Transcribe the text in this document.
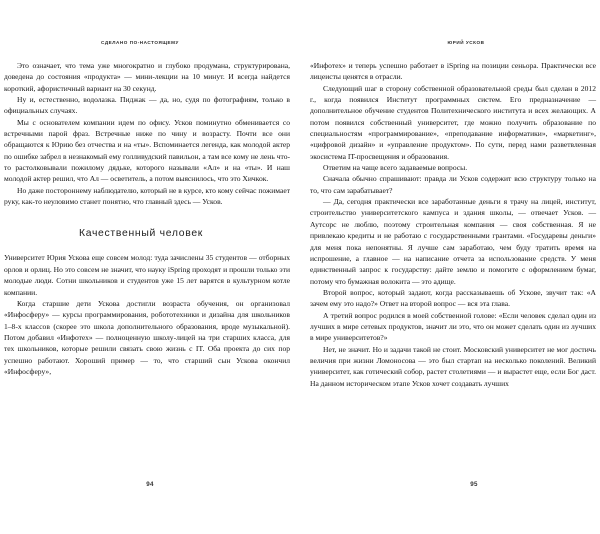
СДЕЛАНО ПО-НАСТОЯЩЕМУ

Это означает, что тема уже многократно и глубоко продумана, структурирована, доведена до состояния «продукта» — мини-лекции на 10 минут. И всегда найдется короткий, афористичный вариант на 30 секунд.

Ну и, естественно, водолазка. Пиджак — да, но, судя по фотографиям, только в официальных случаях.

Мы с основателем компании идем по офису. Усков поминутно обменивается со встречными парой фраз. Встречные ниже по чину и возрасту. Почти все они обращаются к Юрию без отчества и на «ты». Вспоминается легенда, как молодой актер по ошибке забрел в незнакомый ему голливудский павильон, а там все кому не лень что-то растолковывали пожилому дядьке, которого называли «Ал» и на «ты». И наш молодой актер решил, что Ал — осветитель, а потом выяснилось, что это Хичкок.

Но даже постороннему наблюдателю, который не в курсе, кто кому сейчас пожимает руку, как-то неуловимо станет понятно, что главный здесь — Усков.

Качественный человек

Университет Юрия Ускова еще совсем молод: туда зачислены 35 студентов — отборных орлов и орлиц. Но это совсем не значит, что науку iSpring проходят и прошли только эти молодые люди. Сотни школьников и студентов уже 15 лет варятся в культурном котле компании.

Когда старшие дети Ускова достигли возраста обучения, он организовал «Инфосферу» — курсы программирования, робототехники и дизайна для школьников 1–8-х классов (скорее это школа дополнительного образования, вроде музыкальной). Потом добавил «Инфотех» — полноценную школу-лицей на три старших класса, для тех школьников, которые решили связать свою жизнь с IT. Оба проекта до сих пор успешно работают. Хороший пример — то, что старший сын Ускова окончил «Инфосферу»,

94
ЮРИЙ УСКОВ

«Инфотех» и теперь успешно работает в iSpring на позиции сеньора. Практически все лицеисты ценятся в отрасли.

Следующий шаг в сторону собственной образовательной среды был сделан в 2012 г., когда появился Институт программных систем. Его предназначение — дополнительное обучение студентов Политехнического института и всех желающих. А потом появился собственный университет, где можно получить образование по специальностям «программирование», «преподавание информатики», «маркетинг», «цифровой дизайн» и «управление продуктом». По сути, перед нами разветвленная экосистема IT-просвещения и образования.

Ответим на чаще всего задаваемые вопросы.

Сначала обычно спрашивают: правда ли Усков содержит всю структуру только на то, что сам зарабатывает?

— Да, сегодня практически все заработанные деньги я трачу на лицей, институт, строительство университетского кампуса и здания школы, — отвечает Усков. — Аутсорс не люблю, поэтому строительная компания — своя собственная. Я не привлекаю кредиты и не работаю с государственными грантами. «Государевы деньги» для меня пока непонятны. Я лучше сам заработаю, чем буду тратить время на испрошение, а главное — на написание отчета за использование средств. У меня единственный запрос к государству: дайте землю и помогите с оформлением бумаг, потому что бумажная волокита — это адище.

Второй вопрос, который задают, когда рассказываешь об Ускове, звучит так: «А зачем ему это надо?» Ответ на второй вопрос — вся эта глава.

А третий вопрос родился в моей собственной голове: «Если человек сделал один из лучших в мире сетевых продуктов, значит ли это, что он может сделать один из лучших в мире университетов?»

Нет, не значит. Но и задачи такой не стоит. Московский университет не мог достичь величия при жизни Ломоносова — это был стартап на несколько поколений. Великий университет, как готический собор, растет столетиями — и вырастет еще, если Бог даст. На данном историческом этапе Усков хочет создавать лучших

95
